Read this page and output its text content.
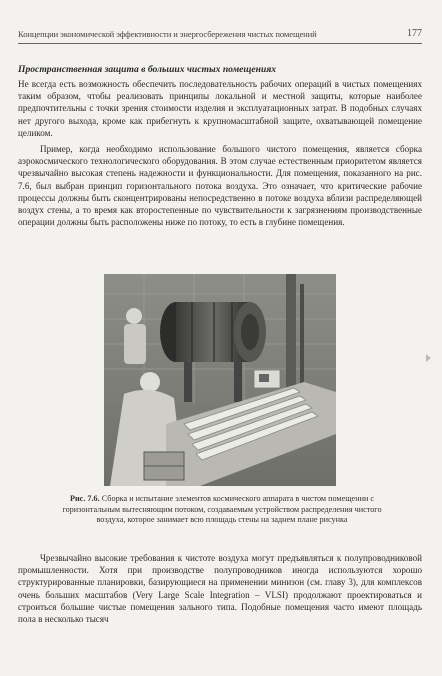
Концепции экономической эффективности и энергосбережения чистых помещений	177
Пространственная защита в больших чистых помещениях

Не всегда есть возможность обеспечить последовательность рабочих операций в чистых помещениях таким образом, чтобы реализовать принципы локальной и местной защиты, которые наиболее предпочтительны с точки зрения стоимости изделия и эксплуатационных затрат. В подобных случаях нет другого выхода, кроме как прибегнуть к крупномасштабной защите, охватывающей помещение целиком.

Пример, когда необходимо использование большого чистого помещения, является сборка аэрокосмического технологического оборудования. В этом случае естественным приоритетом является чрезвычайно высокая степень надежности и функциональности. Для помещения, показанного на рис. 7.6, был выбран принцип горизонтального потока воздуха. Это означает, что критические рабочие процессы должны быть сконцентрированы непосредственно в потоке воздуха вблизи распределяющей воздух стены, а то время как второстепенные по чувствительности к загрязнениям производственные операции должны быть расположены ниже по потоку, то есть в глубине помещения.

Рис. 7.6. Сборка и испытание элементов космического аппарата в чистом помещении с горизонтальным вытесняющим потоком, создаваемым устройством распределения чистого воздуха, которое занимает всю площадь стены на заднем плане рисунка

Чрезвычайно высокие требования к чистоте воздуха могут предъявляться к полупроводниковой промышленности. Хотя при производстве полупроводников иногда используются хорошо структурированные планировки, базирующиеся на применении минизон (см. главу 3), для комплексов очень больших масштабов (Very Large Scale Integration – VLSI) продолжают проектироваться и строиться большие чистые помещения зального типа. Подобные помещения часто имеют площадь пола в несколько тысяч
